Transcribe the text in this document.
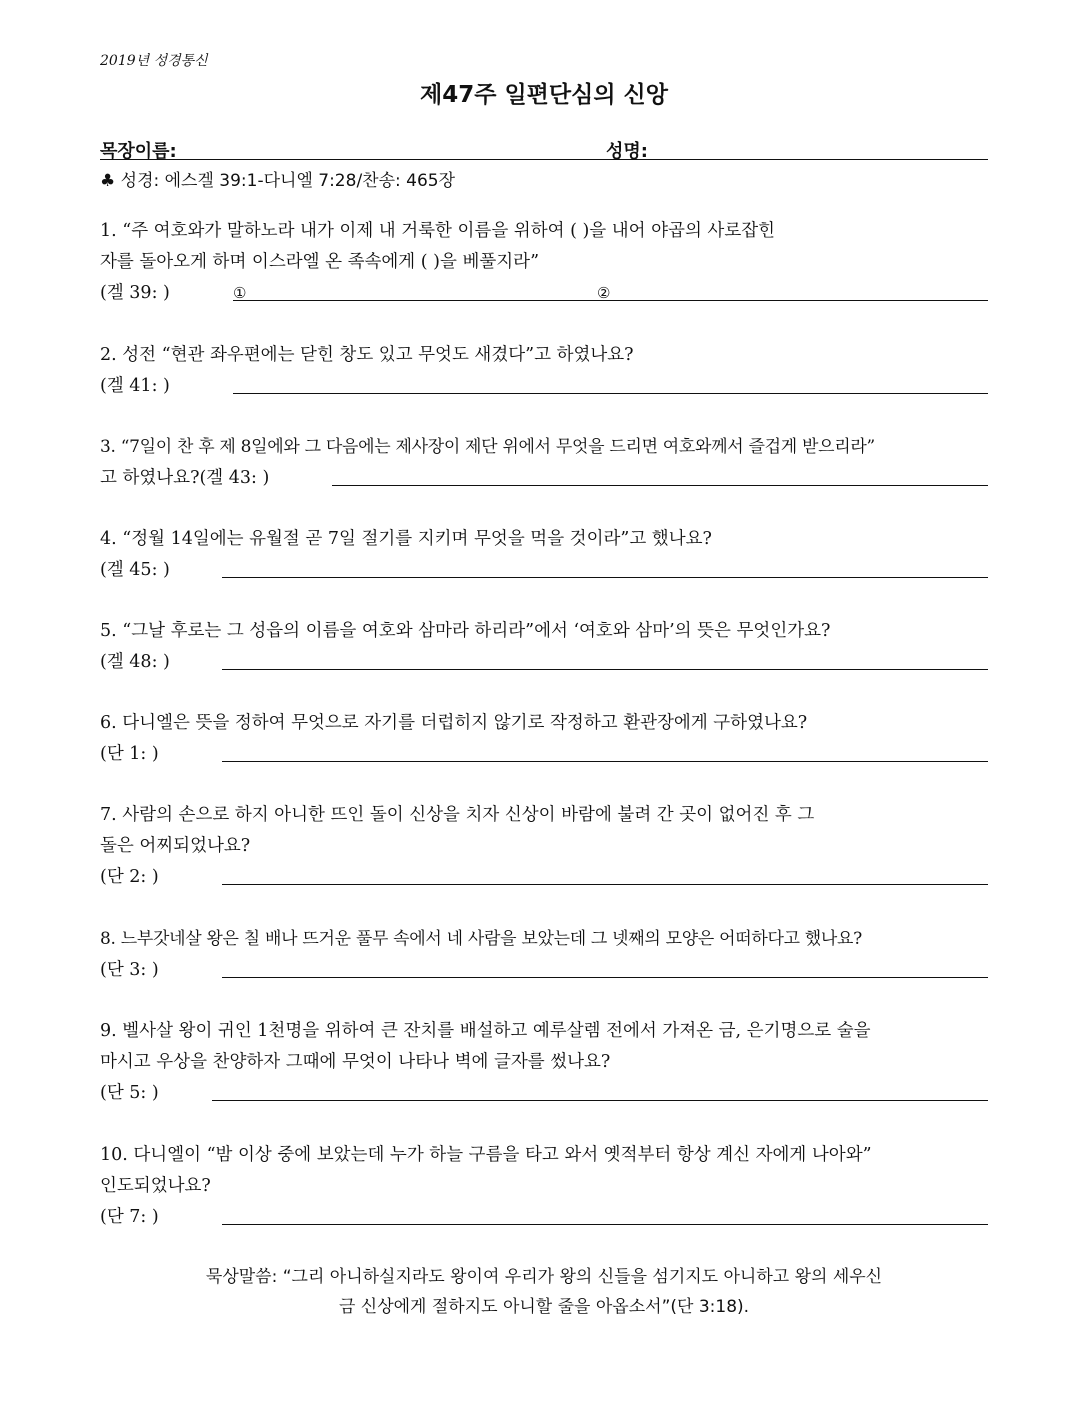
2019년 성경통신
제47주 일편단심의 신앙
목장이름:	성명:
♣ 성경: 에스겔 39:1-다니엘 7:28/찬송: 465장
1. “주 여호와가 말하노라 내가 이제 내 거룩한 이름을 위하여 ( )을 내어 야곱의 사로잡힌
자를 돌아오게 하며 이스라엘 온 족속에게 ( )을 베풀지라”
(겔 39: )	①	②
2. 성전 “현관 좌우편에는 닫힌 창도 있고 무엇도 새겼다”고 하였나요?
(겔 41: )
3. “7일이 찬 후 제 8일에와 그 다음에는 제사장이 제단 위에서 무엇을 드리면 여호와께서 즐겁게 받으리라”
고 하였나요?(겔 43: )
4. “정월 14일에는 유월절 곧 7일 절기를 지키며 무엇을 먹을 것이라”고 했나요?
(겔 45: )
5. “그날 후로는 그 성읍의 이름을 여호와 삼마라 하리라”에서 ‘여호와 삼마’의 뜻은 무엇인가요?
(겔 48: )
6. 다니엘은 뜻을 정하여 무엇으로 자기를 더럽히지 않기로 작정하고 환관장에게 구하였나요?
(단 1: )
7. 사람의 손으로 하지 아니한 뜨인 돌이 신상을 치자 신상이 바람에 불려 간 곳이 없어진 후 그
돌은 어찌되었나요?
(단 2: )
8. 느부갓네살 왕은 칠 배나 뜨거운 풀무 속에서 네 사람을 보았는데 그 넷째의 모양은 어떠하다고 했나요?
(단 3: )
9. 벨사살 왕이 귀인 1천명을 위하여 큰 잔치를 배설하고 예루살렘 전에서 가져온 금, 은기명으로 술을
마시고 우상을 찬양하자 그때에 무엇이 나타나 벽에 글자를 썼나요?
(단 5: )
10. 다니엘이 “밤 이상 중에 보았는데 누가 하늘 구름을 타고 와서 옛적부터 항상 계신 자에게 나아와”
인도되었나요?
(단 7: )
묵상말씀: “그리 아니하실지라도 왕이여 우리가 왕의 신들을 섬기지도 아니하고 왕의 세우신
금 신상에게 절하지도 아니할 줄을 아옵소서”(단 3:18).
